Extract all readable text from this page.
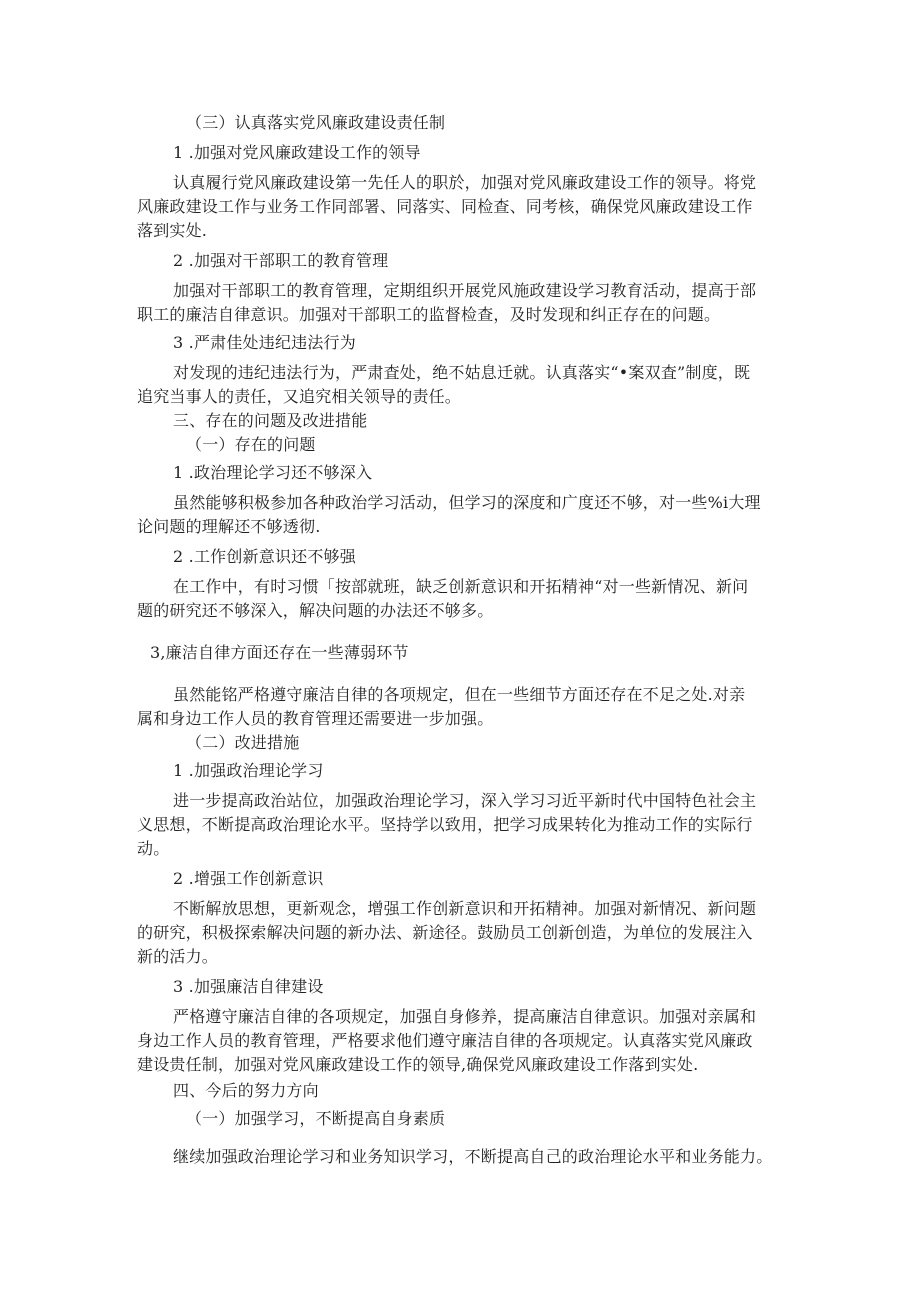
（三）认真落实党风廉政建设责任制
1 .加强对党风廉政建设工作的领导
认真履行党风廉政建设第一先任人的职於，加强对党风廉政建设工作的领导。将党
风廉政建设工作与业务工作同部署、同落实、同检查、同考核，确保党风廉政建设工作
落到实处.
2 .加强对干部职工的教育管理
加强对干部职工的教育管理，定期组织开展党风施政建设学习教育活动，提高于部
职工的廉洁自律意识。加强对干部职工的监督检查，及时发现和纠正存在的问题。
3 .严肃佳处违纪违法行为
对发现的违纪违法行为，严肃査处，绝不姑息迁就。认真落实“•案双査”制度，既
追究当事人的责任，又追究相关领导的责任。
三、存在的问题及改进措能
（一）存在的问题
1 .政治理论学习还不够深入
虽然能够积极参加各种政治学习活动，但学习的深度和广度还不够，对一些%i大理
论问题的理解还不够透彻.
2 .工作创新意识还不够强
在工作中，有时习惯「按部就班，缺乏创新意识和开拓精神“对一些新情况、新问
题的研究还不够深入，解决问题的办法还不够多。
3,廉洁自律方面还存在一些薄弱环节
虽然能铭严格遵守廉洁自律的各项规定，但在一些细节方面还存在不足之处.对亲
属和身边工作人员的教育管理还需要进一步加强。
（二）改进措施
1 .加强政治理论学习
进一步提高政治站位，加强政治理论学习，深入学习习近平新时代中国特色社会主
义思想，不断提高政治理论水平。坚持学以致用，把学习成果转化为推动工作的实际行
动。
2 .增强工作创新意识
不断解放思想，更新观念，增强工作创新意识和开拓精神。加强对新情况、新问题
的研究，积极探索解决问题的新办法、新途径。鼓励员工创新创造，为单位的发展注入
新的活力。
3 .加强廉洁自律建设
严格遵守廉洁自律的各项规定，加强自身修养，提高廉洁自律意识。加强对亲属和
身边工作人员的教育管理，严格要求他们遵守廉洁自律的各项规定。认真落实党风廉政
建设贵任制，加强对党风廉政建设工作的领导,确保党风廉政建设工作落到实处.
四、今后的努力方向
（一）加强学习，不断提高自身素质
继续加强政治理论学习和业务知识学习，不断提高自己的政治理论水平和业务能力。
